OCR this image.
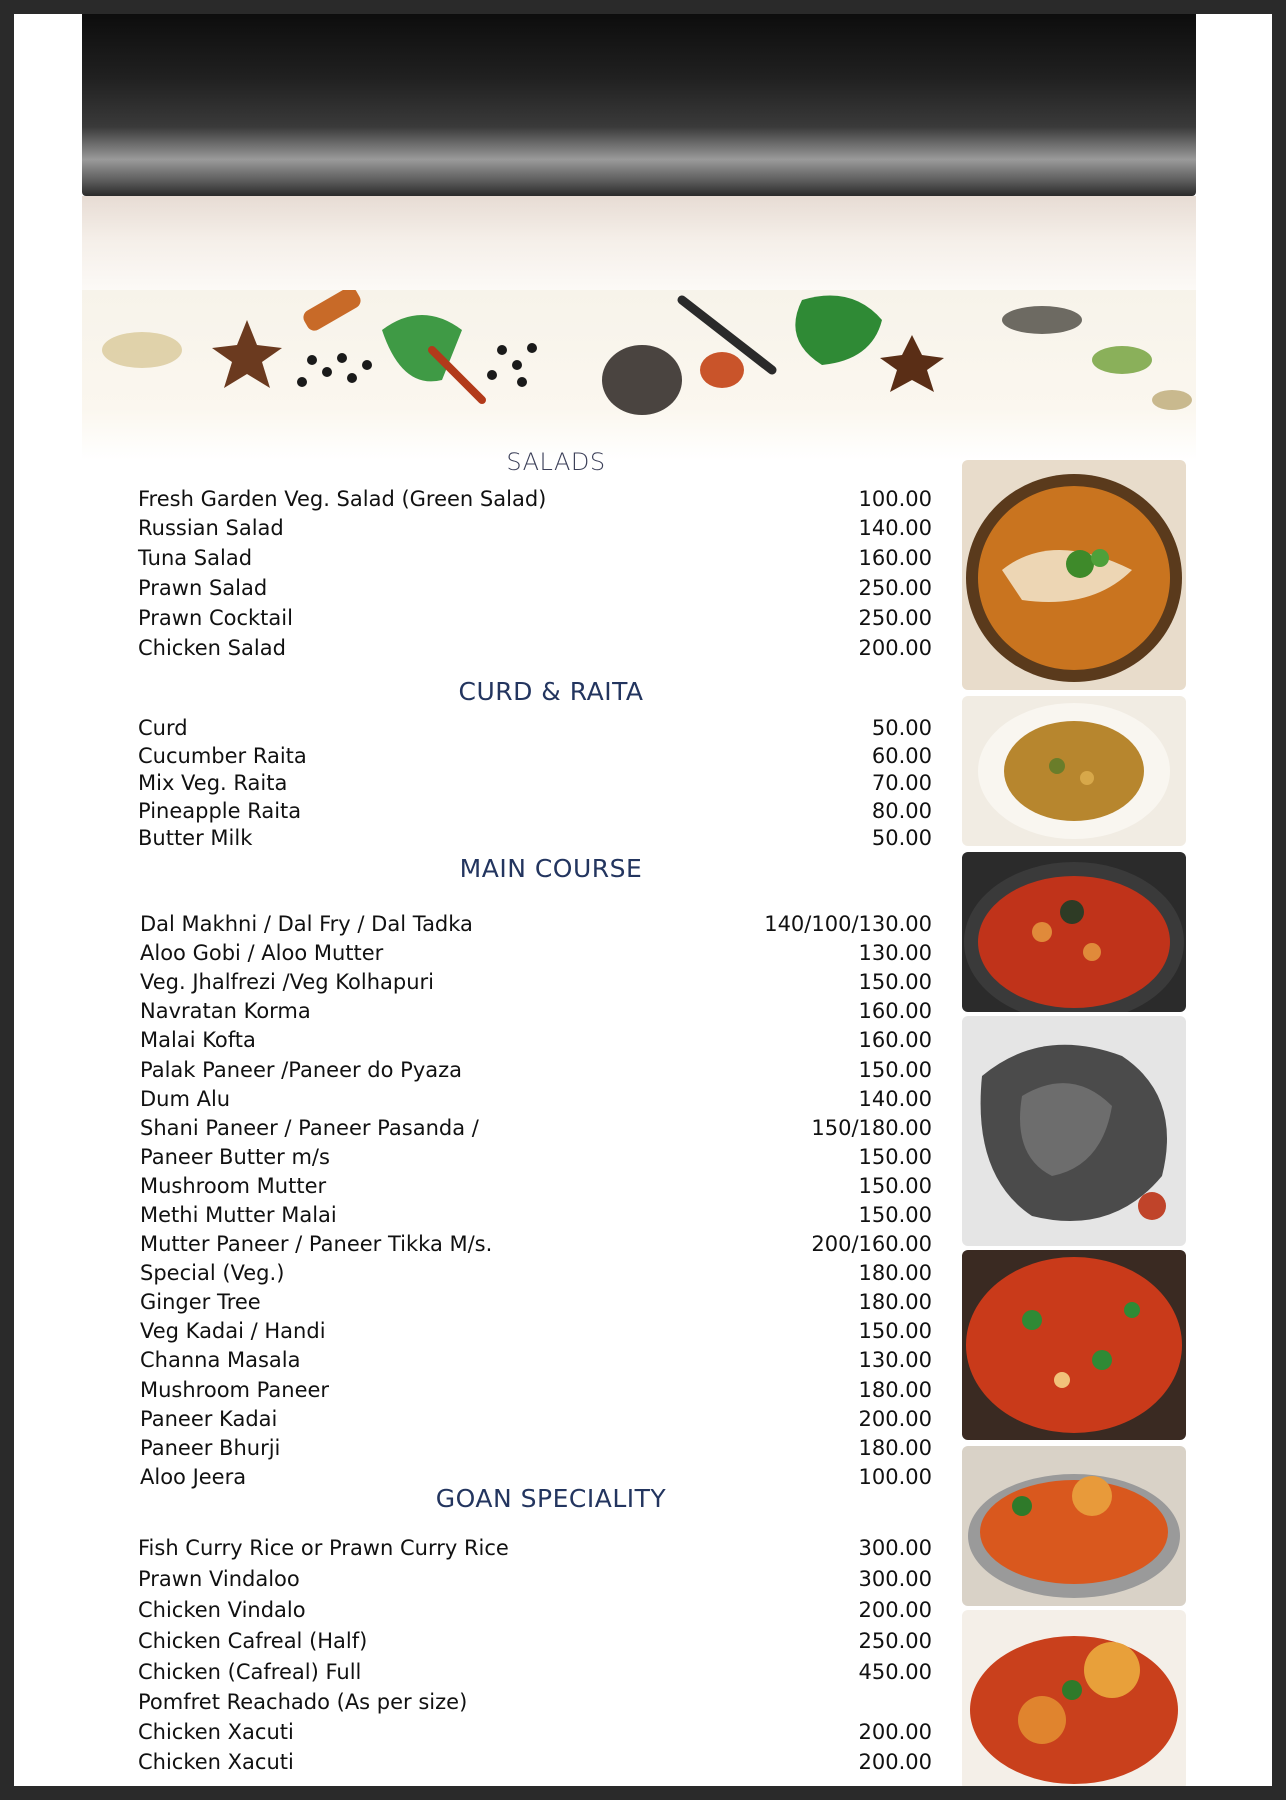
SALADS
Fresh Garden Veg. Salad (Green Salad)	100.00
Russian Salad	140.00
Tuna Salad	160.00
Prawn Salad	250.00
Prawn Cocktail	250.00
Chicken Salad	200.00
CURD & RAITA
Curd	50.00
Cucumber Raita	60.00
Mix Veg. Raita	70.00
Pineapple Raita	80.00
Butter Milk	50.00
MAIN COURSE
Dal Makhni / Dal Fry / Dal Tadka	140/100/130.00
Aloo Gobi / Aloo Mutter	130.00
Veg. Jhalfrezi /Veg Kolhapuri	150.00
Navratan Korma	160.00
Malai Kofta	160.00
Palak Paneer /Paneer do Pyaza	150.00
Dum Alu	140.00
Shani Paneer / Paneer Pasanda /	150/180.00
Paneer Butter m/s	150.00
Mushroom Mutter	150.00
Methi Mutter Malai	150.00
Mutter Paneer / Paneer Tikka M/s.	200/160.00
Special (Veg.)	180.00
Ginger Tree	180.00
Veg Kadai / Handi	150.00
Channa Masala	130.00
Mushroom Paneer	180.00
Paneer Kadai	200.00
Paneer Bhurji	180.00
Aloo Jeera	100.00
GOAN SPECIALITY
Fish Curry Rice or Prawn Curry Rice	300.00
Prawn Vindaloo	300.00
Chicken Vindalo	200.00
Chicken Cafreal (Half)	250.00
Chicken (Cafreal) Full	450.00
Pomfret Reachado (As per size)
Chicken Xacuti	200.00
Chicken Xacuti	200.00
